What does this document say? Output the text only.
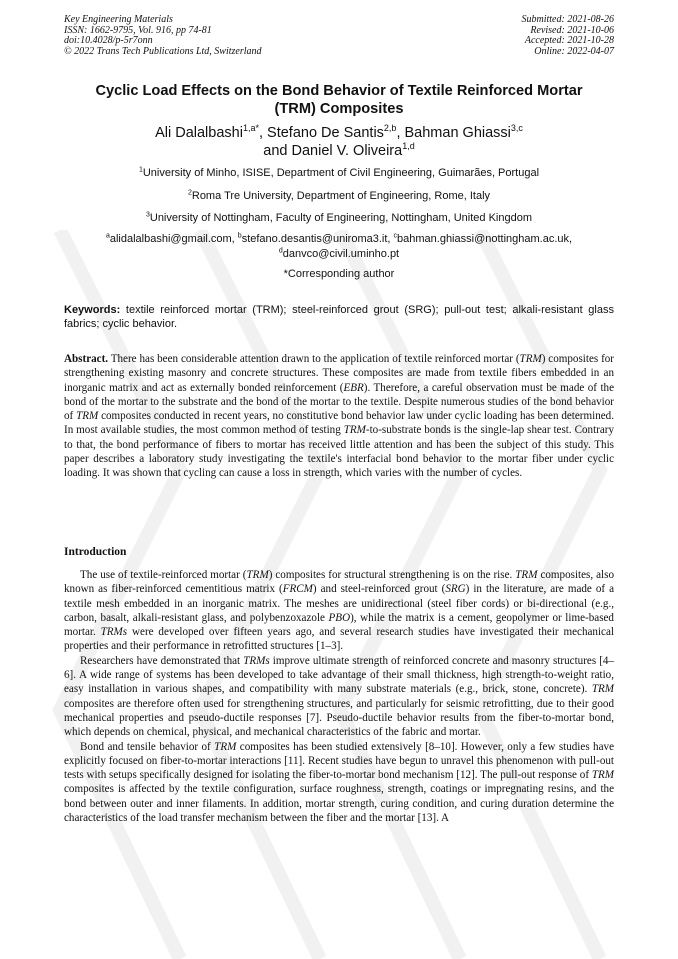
Key Engineering Materials
ISSN: 1662-9795, Vol. 916, pp 74-81
doi:10.4028/p-5r7onn
© 2022 Trans Tech Publications Ltd, Switzerland
Submitted: 2021-08-26
Revised: 2021-10-06
Accepted: 2021-10-28
Online: 2022-04-07
Cyclic Load Effects on the Bond Behavior of Textile Reinforced Mortar
(TRM) Composites
Ali Dalalbashi$^{1,a*}$, Stefano De Santis$^{2,b}$, Bahman Ghiassi$^{3,c}$
and Daniel V. Oliveira$^{1,d}$
$^1$University of Minho, ISISE, Department of Civil Engineering, Guimarães, Portugal
$^2$Roma Tre University, Department of Engineering, Rome, Italy
$^3$University of Nottingham, Faculty of Engineering, Nottingham, United Kingdom
$^a$alidalalbashi@gmail.com, $^b$stefano.desantis@uniroma3.it, $^c$bahman.ghiassi@nottingham.ac.uk,
$^d$danvco@civil.uminho.pt
*Corresponding author
Keywords: textile reinforced mortar (TRM); steel-reinforced grout (SRG); pull-out test; alkali-resistant glass fabrics; cyclic behavior.
Abstract. There has been considerable attention drawn to the application of textile reinforced mortar (TRM) composites for strengthening existing masonry and concrete structures. These composites are made from textile fibers embedded in an inorganic matrix and act as externally bonded reinforcement (EBR). Therefore, a careful observation must be made of the bond of the mortar to the substrate and the bond of the mortar to the textile. Despite numerous studies of the bond behavior of TRM composites conducted in recent years, no constitutive bond behavior law under cyclic loading has been determined. In most available studies, the most common method of testing TRM-to-substrate bonds is the single-lap shear test. Contrary to that, the bond performance of fibers to mortar has received little attention and has been the subject of this study. This paper describes a laboratory study investigating the textile's interfacial bond behavior to the mortar fiber under cyclic loading. It was shown that cycling can cause a loss in strength, which varies with the number of cycles.
Introduction

The use of textile-reinforced mortar (TRM) composites for structural strengthening is on the rise. TRM composites, also known as fiber-reinforced cementitious matrix (FRCM) and steel-reinforced grout (SRG) in the literature, are made of a textile mesh embedded in an inorganic matrix. The meshes are unidirectional (steel fiber cords) or bi-directional (e.g., carbon, basalt, alkali-resistant glass, and polybenzoxazole PBO), while the matrix is a cement, geopolymer or lime-based mortar. TRMs were developed over fifteen years ago, and several research studies have investigated their mechanical properties and their performance in retrofitted structures [1–3].

Researchers have demonstrated that TRMs improve ultimate strength of reinforced concrete and masonry structures [4–6]. A wide range of systems has been developed to take advantage of their small thickness, high strength-to-weight ratio, easy installation in various shapes, and compatibility with many substrate materials (e.g., brick, stone, concrete). TRM composites are therefore often used for strengthening structures, and particularly for seismic retrofitting, due to their good mechanical properties and pseudo-ductile responses [7]. Pseudo-ductile behavior results from the fiber-to-mortar bond, which depends on chemical, physical, and mechanical characteristics of the fabric and mortar.

Bond and tensile behavior of TRM composites has been studied extensively [8–10]. However, only a few studies have explicitly focused on fiber-to-mortar interactions [11]. Recent studies have begun to unravel this phenomenon with pull-out tests with setups specifically designed for isolating the fiber-to-mortar bond mechanism [12]. The pull-out response of TRM composites is affected by the textile configuration, surface roughness, strength, coatings or impregnating resins, and the bond between outer and inner filaments. In addition, mortar strength, curing condition, and curing duration determine the characteristics of the load transfer mechanism between the fiber and the mortar [13]. A
